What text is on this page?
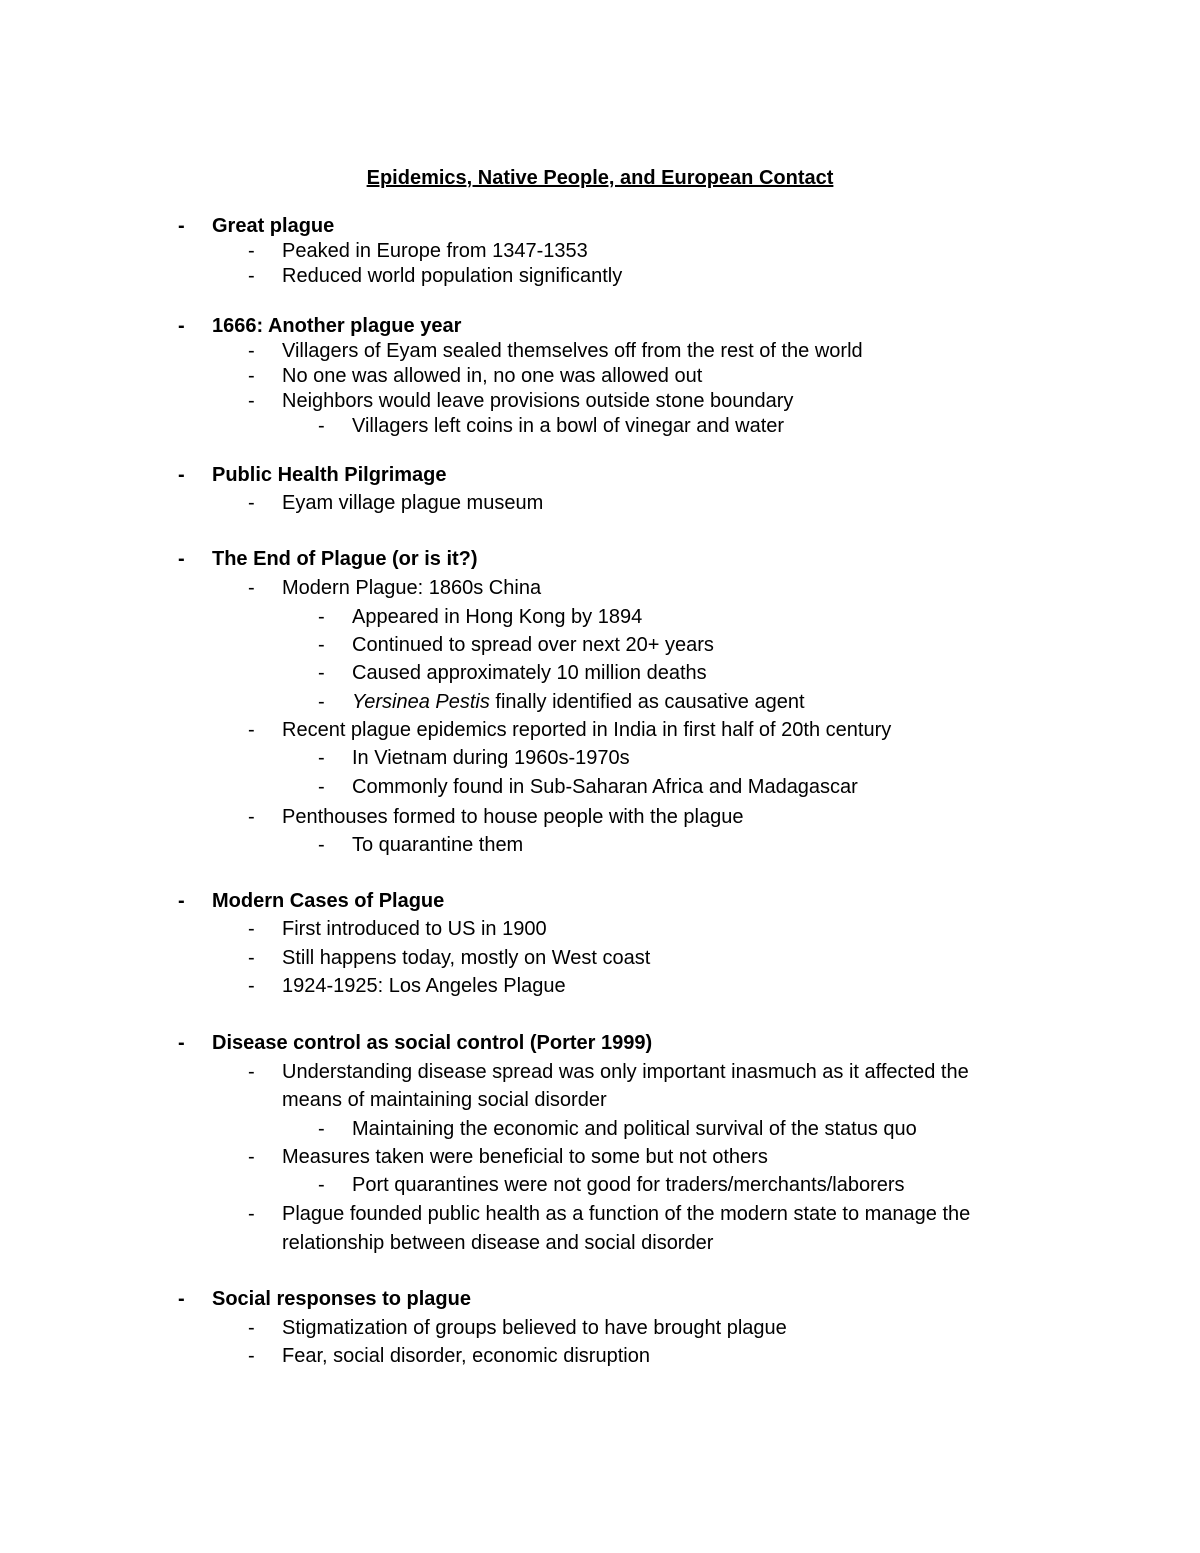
Epidemics, Native People, and European Contact
- Great plague
- Peaked in Europe from 1347-1353
- Reduced world population significantly
- 1666: Another plague year
- Villagers of Eyam sealed themselves off from the rest of the world
- No one was allowed in, no one was allowed out
- Neighbors would leave provisions outside stone boundary
- Villagers left coins in a bowl of vinegar and water
- Public Health Pilgrimage
- Eyam village plague museum
- The End of Plague (or is it?)
- Modern Plague: 1860s China
- Appeared in Hong Kong by 1894
- Continued to spread over next 20+ years
- Caused approximately 10 million deaths
- Yersinea Pestis finally identified as causative agent
- Recent plague epidemics reported in India in first half of 20th century
- In Vietnam during 1960s-1970s
- Commonly found in Sub-Saharan Africa and Madagascar
- Penthouses formed to house people with the plague
- To quarantine them
- Modern Cases of Plague
- First introduced to US in 1900
- Still happens today, mostly on West coast
- 1924-1925: Los Angeles Plague
- Disease control as social control (Porter 1999)
- Understanding disease spread was only important inasmuch as it affected the
means of maintaining social disorder
- Maintaining the economic and political survival of the status quo
- Measures taken were beneficial to some but not others
- Port quarantines were not good for traders/merchants/laborers
- Plague founded public health as a function of the modern state to manage the
relationship between disease and social disorder
- Social responses to plague
- Stigmatization of groups believed to have brought plague
- Fear, social disorder, economic disruption
